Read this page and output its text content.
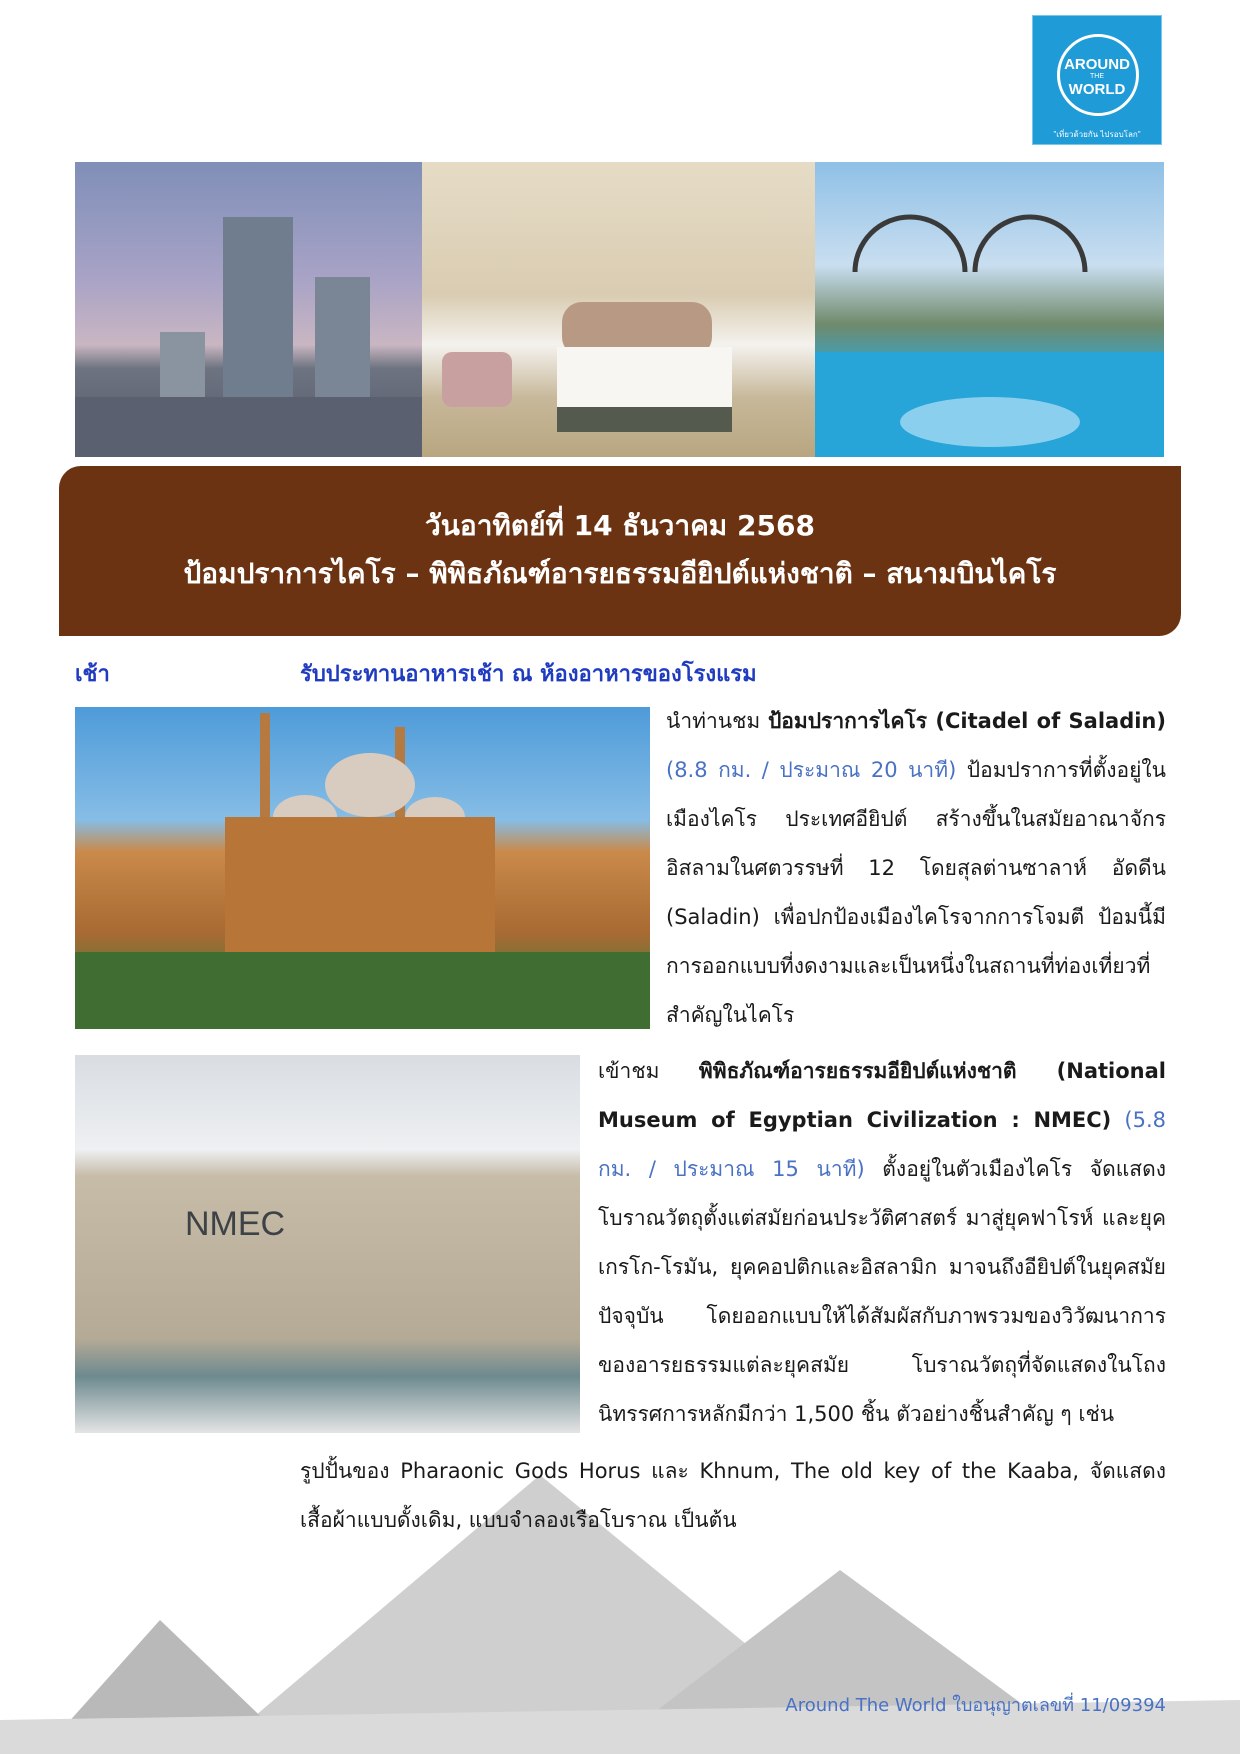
AROUND
THE
WORLD
"เที่ยวด้วยกัน ไปรอบโลก"
วันอาทิตย์ที่ 14 ธันวาคม 2568
ป้อมปราการไคโร – พิพิธภัณฑ์อารยธรรมอียิปต์แห่งชาติ – สนามบินไคโร
เช้า	รับประทานอาหารเช้า ณ ห้องอาหารของโรงแรม
นำท่านชม ป้อมปราการไคโร (Citadel of Saladin) (8.8 กม. / ประมาณ 20 นาที) ป้อมปราการที่ตั้งอยู่ในเมืองไคโร ประเทศอียิปต์ สร้างขึ้นในสมัยอาณาจักรอิสลามในศตวรรษที่ 12 โดยสุลต่านซาลาห์ อัดดีน (Saladin) เพื่อปกป้องเมืองไคโรจากการโจมตี ป้อมนี้มีการออกแบบที่งดงามและเป็นหนึ่งในสถานที่ท่องเที่ยวที่สำคัญในไคโร
NMEC
เข้าชม พิพิธภัณฑ์อารยธรรมอียิปต์แห่งชาติ (National Museum of Egyptian Civilization : NMEC) (5.8 กม. / ประมาณ 15 นาที) ตั้งอยู่ในตัวเมืองไคโร จัดแสดงโบราณวัตถุตั้งแต่สมัยก่อนประวัติศาสตร์ มาสู่ยุคฟาโรห์ และยุคเกรโก-โรมัน, ยุคคอปติกและอิสลามิก มาจนถึงอียิปต์ในยุคสมัยปัจจุบัน โดยออกแบบให้ได้สัมผัสกับภาพรวมของวิวัฒนาการของอารยธรรมแต่ละยุคสมัย โบราณวัตถุที่จัดแสดงในโถงนิทรรศการหลักมีกว่า 1,500 ชิ้น ตัวอย่างชิ้นสำคัญ ๆ เช่น
รูปปั้นของ Pharaonic Gods Horus และ Khnum, The old key of the Kaaba, จัดแสดงเสื้อผ้าแบบดั้งเดิม, แบบจำลองเรือโบราณ เป็นต้น
Around The World ใบอนุญาตเลขที่ 11/09394
